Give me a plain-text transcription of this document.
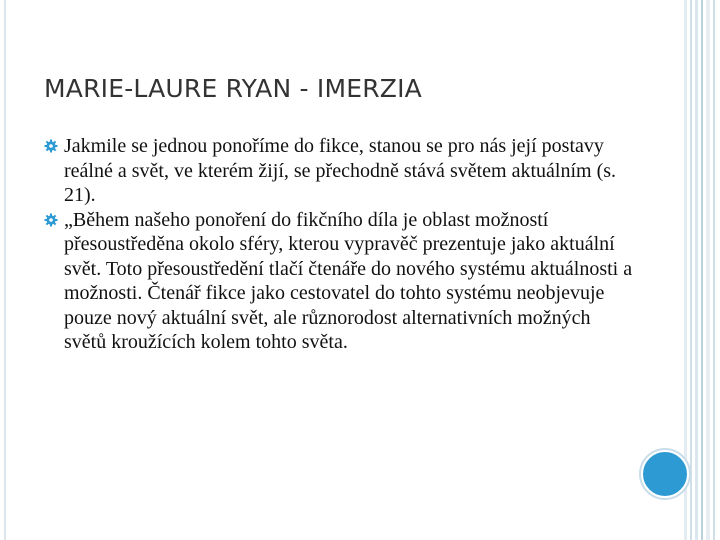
MARIE-LAURE RYAN - IMERZIA
Jakmile se jednou ponoříme do fikce, stanou se pro nás její postavy reálné a svět, ve kterém žijí, se přechodně stává světem aktuálním (s. 21).
„Během našeho ponoření do fikčního díla je oblast možností přesoustředěna okolo sféry, kterou vypravěč prezentuje jako aktuální svět. Toto přesoustředění tlačí čtenáře do nového systému aktuálnosti a možnosti. Čtenář fikce jako cestovatel do tohto systému neobjevuje pouze nový aktuální svět, ale různorodost alternativních možných světů kroužících kolem tohto světa.
